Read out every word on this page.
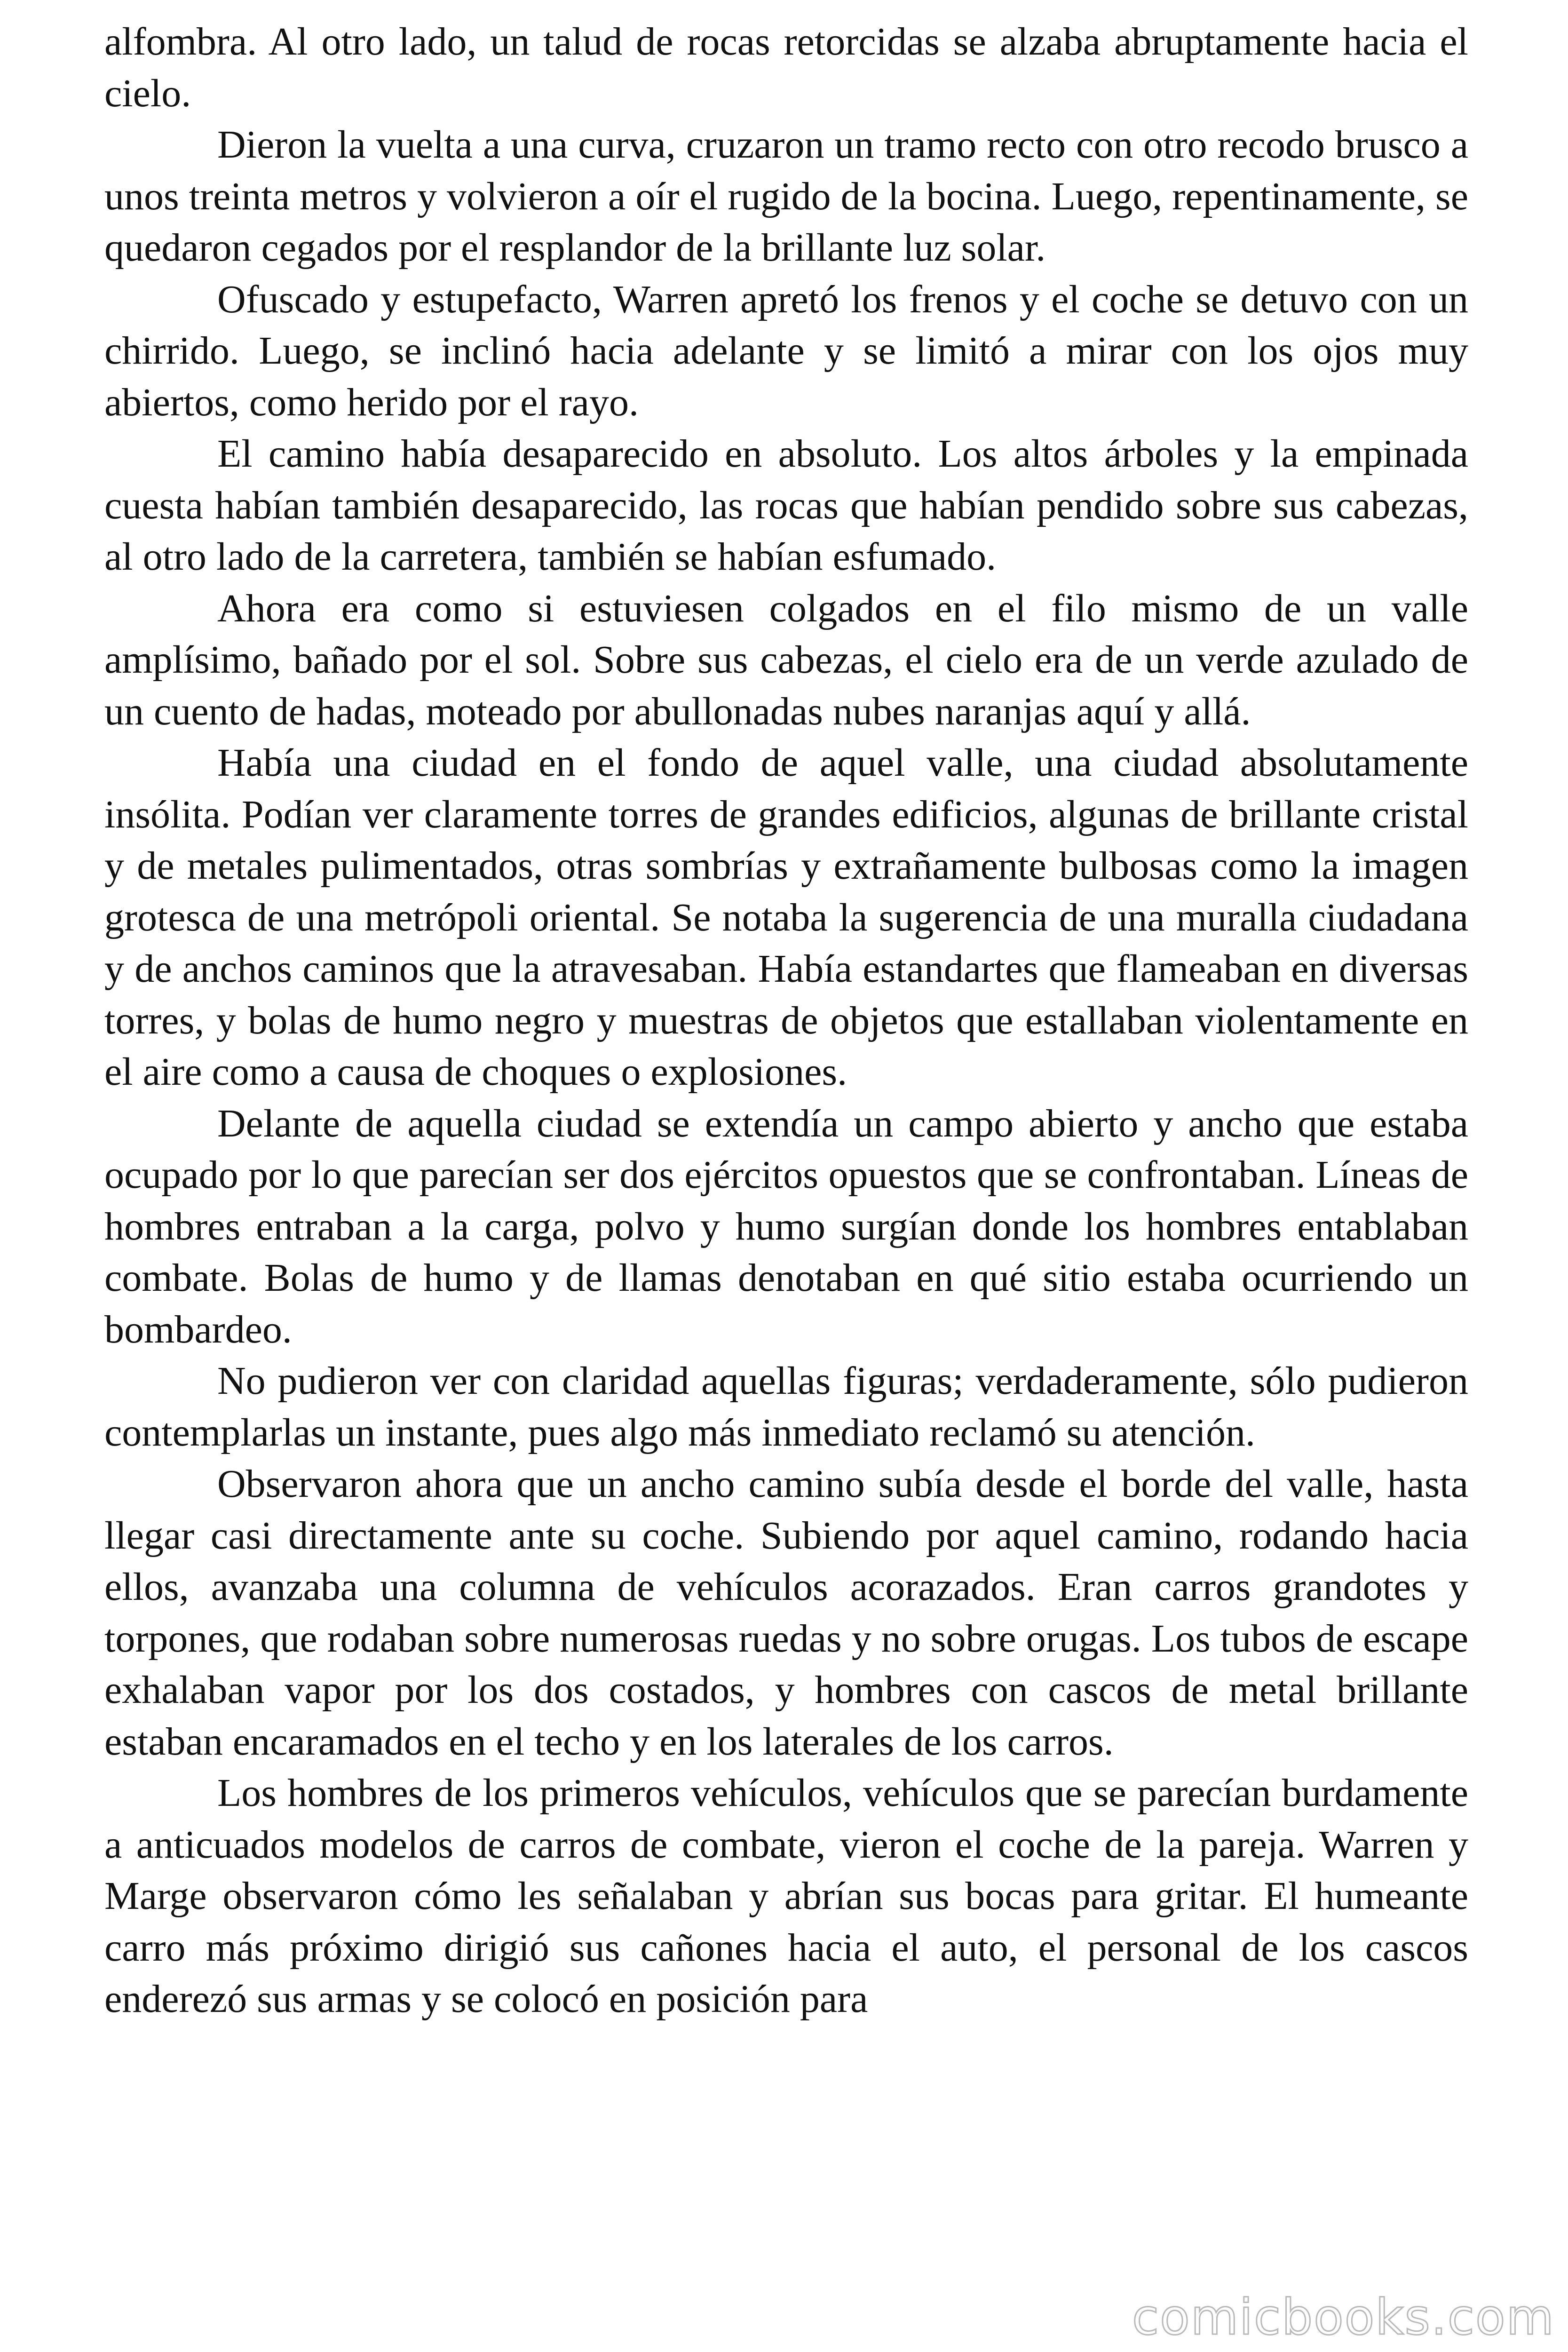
alfombra. Al otro lado, un talud de rocas retorcidas se alzaba abruptamente hacia el cielo.

Dieron la vuelta a una curva, cruzaron un tramo recto con otro recodo brusco a unos treinta metros y volvieron a oír el rugido de la bocina. Luego, repentinamente, se quedaron cegados por el resplandor de la brillante luz solar.

Ofuscado y estupefacto, Warren apretó los frenos y el coche se detuvo con un chirrido. Luego, se inclinó hacia adelante y se limitó a mirar con los ojos muy abiertos, como herido por el rayo.

El camino había desaparecido en absoluto. Los altos árboles y la empinada cuesta habían también desaparecido, las rocas que habían pendido sobre sus cabezas, al otro lado de la carretera, también se habían esfumado.

Ahora era como si estuviesen colgados en el filo mismo de un valle amplísimo, bañado por el sol. Sobre sus cabezas, el cielo era de un verde azulado de un cuento de hadas, moteado por abullonadas nubes naranjas aquí y allá.

Había una ciudad en el fondo de aquel valle, una ciudad absolutamente insólita. Podían ver claramente torres de grandes edificios, algunas de brillante cristal y de metales pulimentados, otras sombrías y extrañamente bulbosas como la imagen grotesca de una metrópoli oriental. Se notaba la sugerencia de una muralla ciudadana y de anchos caminos que la atravesaban. Había estandartes que flameaban en diversas torres, y bolas de humo negro y muestras de objetos que estallaban violentamente en el aire como a causa de choques o explosiones.

Delante de aquella ciudad se extendía un campo abierto y ancho que estaba ocupado por lo que parecían ser dos ejércitos opuestos que se confrontaban. Líneas de hombres entraban a la carga, polvo y humo surgían donde los hombres entablaban combate. Bolas de humo y de llamas denotaban en qué sitio estaba ocurriendo un bombardeo.

No pudieron ver con claridad aquellas figuras; verdaderamente, sólo pudieron contemplarlas un instante, pues algo más inmediato reclamó su atención.

Observaron ahora que un ancho camino subía desde el borde del valle, hasta llegar casi directamente ante su coche. Subiendo por aquel camino, rodando hacia ellos, avanzaba una columna de vehículos acorazados. Eran carros grandotes y torpones, que rodaban sobre numerosas ruedas y no sobre orugas. Los tubos de escape exhalaban vapor por los dos costados, y hombres con cascos de metal brillante estaban encaramados en el techo y en los laterales de los carros.

Los hombres de los primeros vehículos, vehículos que se parecían burdamente a anticuados modelos de carros de combate, vieron el coche de la pareja. Warren y Marge observaron cómo les señalaban y abrían sus bocas para gritar. El humeante carro más próximo dirigió sus cañones hacia el auto, el personal de los cascos enderezó sus armas y se colocó en posición para

comicbooks.com
